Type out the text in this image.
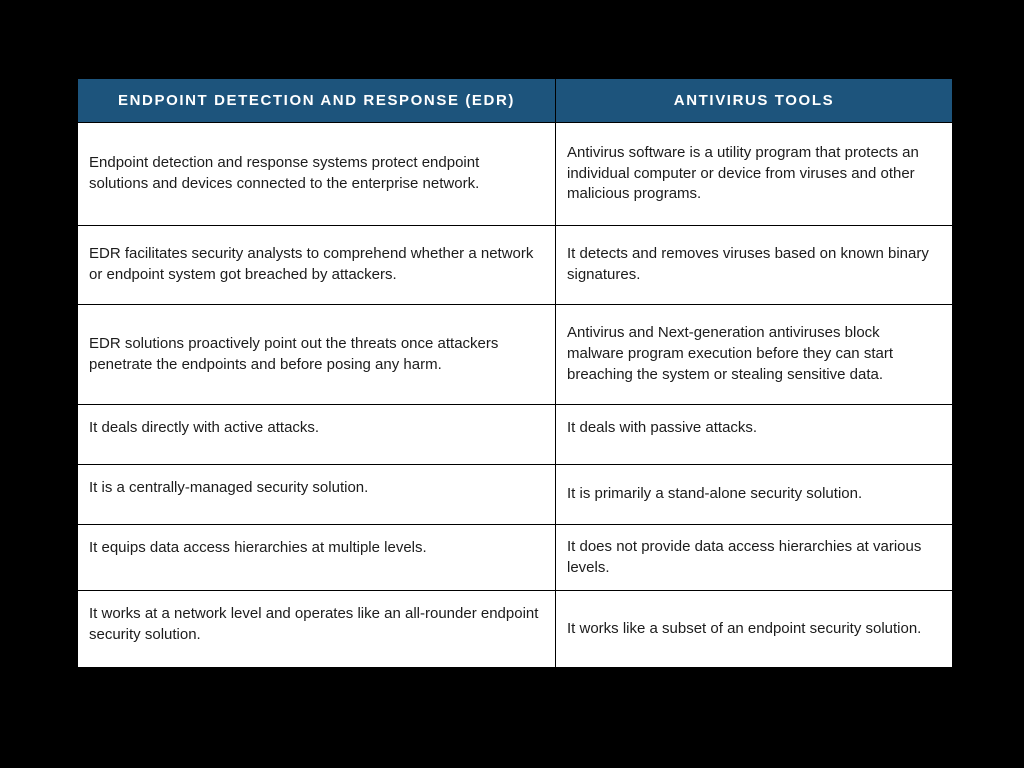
ENDPOINT DETECTION AND RESPONSE (EDR)	ANTIVIRUS TOOLS
Endpoint detection and response systems protect endpoint solutions and devices connected to the enterprise network.	Antivirus software is a utility program that protects an individual computer or device from viruses and other malicious programs.
EDR facilitates security analysts to comprehend whether a network or endpoint system got breached by attackers.	It detects and removes viruses based on known binary signatures.
EDR solutions proactively point out the threats once attackers penetrate the endpoints and before posing any harm.	Antivirus and Next-generation antiviruses block malware program execution before they can start breaching the system or stealing sensitive data.
It deals directly with active attacks.	It deals with passive attacks.
It is a centrally-managed security solution.	It is primarily a stand-alone security solution.
It equips data access hierarchies at multiple levels.	It does not provide data access hierarchies at various levels.
It works at a network level and operates like an all-rounder endpoint security solution.	It works like a subset of an endpoint security solution.
